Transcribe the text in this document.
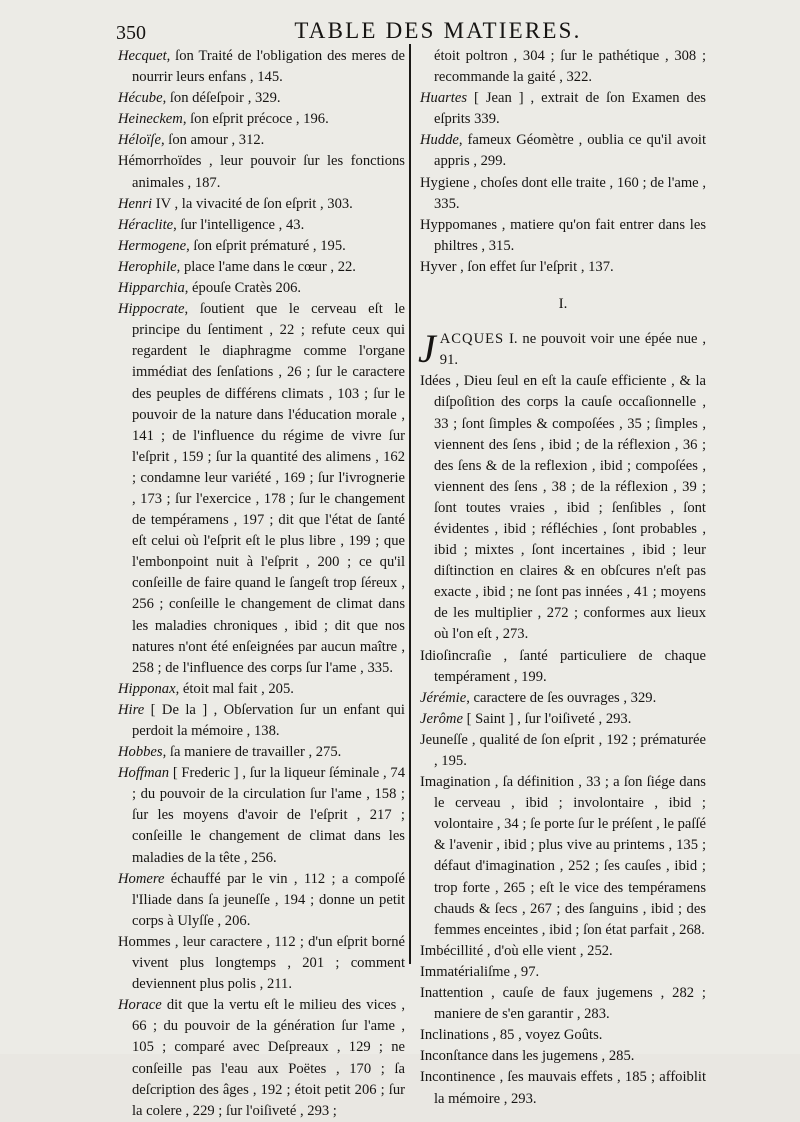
350	TABLE DES MATIERES.

Hecquet, ſon Traité de l'obligation des meres de nourrir leurs enfans , 145.

Hécube, ſon déſeſpoir , 329.

Heineckem, ſon eſprit précoce , 196.

Héloïſe, ſon amour , 312.

Hémorrhoïdes , leur pouvoir ſur les fonctions animales , 187.

Henri IV , la vivacité de ſon eſprit , 303.

Héraclite, ſur l'intelligence , 43.

Hermogene, ſon eſprit prématuré , 195.

Herophile, place l'ame dans le cœur , 22.

Hipparchia, épouſe Cratès 206.

Hippocrate, ſoutient que le cerveau eſt le principe du ſentiment , 22 ; refute ceux qui regardent le diaphragme comme l'organe immédiat des ſenſations , 26 ; ſur le caractere des peuples de différens climats , 103 ; ſur le pouvoir de la nature dans l'éducation morale , 141 ; de l'influence du régime de vivre ſur l'eſprit , 159 ; ſur la quantité des alimens , 162 ; condamne leur variété , 169 ; ſur l'ivrognerie , 173 ; ſur l'exercice , 178 ; ſur le changement de tempéramens , 197 ; dit que l'état de ſanté eſt celui où l'eſprit eſt le plus libre , 199 ; que l'embonpoint nuit à l'eſprit , 200 ; ce qu'il conſeille de faire quand le ſangeſt trop ſéreux , 256 ; conſeille le changement de climat dans les maladies chroniques , ibid ; dit que nos natures n'ont été enſeignées par aucun maître , 258 ; de l'influence des corps ſur l'ame , 335.

Hipponax, étoit mal fait , 205.

Hire [ De la ] , Obſervation ſur un enfant qui perdoit la mémoire , 138.

Hobbes, ſa maniere de travailler , 275.

Hoffman [ Frederic ] , ſur la liqueur ſéminale , 74 ; du pouvoir de la circulation ſur l'ame , 158 ; ſur les moyens d'avoir de l'eſprit , 217 ; conſeille le changement de climat dans les maladies de la tête , 256.

Homere échauffé par le vin , 112 ; a compoſé l'Iliade dans ſa jeuneſſe , 194 ; donne un petit corps à Ulyſſe , 206.

Hommes , leur caractere , 112 ; d'un eſprit borné vivent plus longtemps , 201 ; comment deviennent plus polis , 211.

Horace dit que la vertu eſt le milieu des vices , 66 ; du pouvoir de la génération ſur l'ame , 105 ; comparé avec Deſpreaux , 129 ; ne conſeille pas l'eau aux Poëtes , 170 ; ſa deſcription des âges , 192 ; étoit petit 206 ; ſur la colere , 229 ; ſur l'oiſiveté , 293 ;

étoit poltron , 304 ; ſur le pathétique , 308 ; recommande la gaité , 322.

Huartes [ Jean ] , extrait de ſon Examen des eſprits 339.

Hudde, fameux Géomètre , oublia ce qu'il avoit appris , 299.

Hygiene , choſes dont elle traite , 160 ; de l'ame , 335.

Hyppomanes , matiere qu'on fait entrer dans les philtres , 315.

Hyver , ſon effet ſur l'eſprit , 137.

I.

JACQUES I. ne pouvoit voir une épée nue , 91.

Idées , Dieu ſeul en eſt la cauſe efficiente , & la diſpoſition des corps la cauſe occaſionnelle , 33 ; ſont ſimples & compoſées , 35 ; ſimples , viennent des ſens , ibid ; de la réflexion , 36 ; des ſens & de la reflexion , ibid ; compoſées , viennent des ſens , 38 ; de la réflexion , 39 ; ſont toutes vraies , ibid ; ſenſibles , ſont évidentes , ibid ; réfléchies , ſont probables , ibid ; mixtes , ſont incertaines , ibid ; leur diſtinction en claires & en obſcures n'eſt pas exacte , ibid ; ne ſont pas innées , 41 ; moyens de les multiplier , 272 ; conformes aux lieux où l'on eſt , 273.

Idioſincraſie , ſanté particuliere de chaque tempérament , 199.

Jérémie, caractere de ſes ouvrages , 329.

Jerôme [ Saint ] , ſur l'oiſiveté , 293.

Jeuneſſe , qualité de ſon eſprit , 192 ; prématurée , 195.

Imagination , ſa définition , 33 ; a ſon ſiége dans le cerveau , ibid ; involontaire , ibid ; volontaire , 34 ; ſe porte ſur le préſent , le paſſé & l'avenir , ibid ; plus vive au printems , 135 ; défaut d'imagination , 252 ; ſes cauſes , ibid ; trop forte , 265 ; eſt le vice des tempéramens chauds & ſecs , 267 ; des ſanguins , ibid ; des femmes enceintes , ibid ; ſon état parfait , 268.

Imbécillité , d'où elle vient , 252.

Immatérialiſme , 97.

Inattention , cauſe de faux jugemens , 282 ; maniere de s'en garantir , 283.

Inclinations , 85 , voyez Goûts.

Inconſtance dans les jugemens , 285.

Incontinence , ſes mauvais effets , 185 ; affoiblit la mémoire , 293.
